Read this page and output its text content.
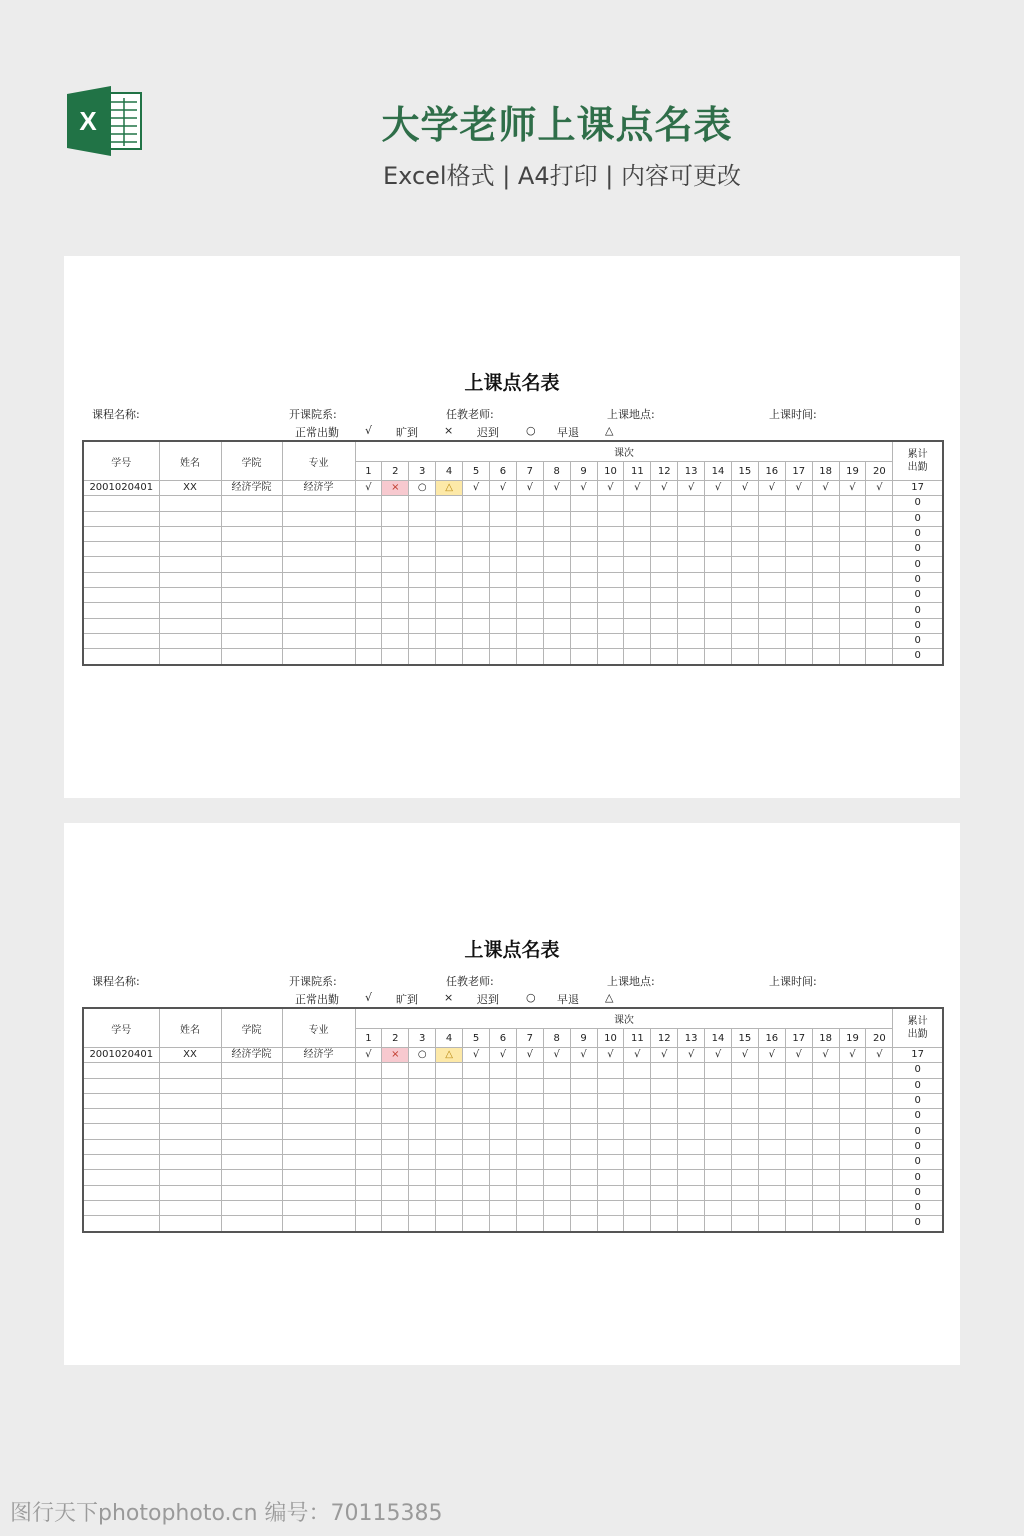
X	大学老师上课点名表
Excel格式 | A4打印 | 内容可更改
上课点名表
课程名称:	开课院系:	任教老师:	上课地点:	上课时间:
正常出勤 √ 旷到 × 迟到 ○ 早退 △
学号	姓名	学院	专业	课次																				累计
出勤
				1	2	3	4	5	6	7	8	9	10	11	12	13	14	15	16	17	18	19	20	
2001020401	XX	经济学院	经济学	√	×	○	△	√	√	√	√	√	√	√	√	√	√	√	√	√	√	√	√	17
																								0
																								0
																								0
																								0
																								0
																								0
																								0
																								0
																								0
																								0
																								0
上课点名表
课程名称:	开课院系:	任教老师:	上课地点:	上课时间:
正常出勤 √ 旷到 × 迟到 ○ 早退 △
学号	姓名	学院	专业	课次																				累计
出勤
				1	2	3	4	5	6	7	8	9	10	11	12	13	14	15	16	17	18	19	20	
2001020401	XX	经济学院	经济学	√	×	○	△	√	√	√	√	√	√	√	√	√	√	√	√	√	√	√	√	17
																								0
																								0
																								0
																								0
																								0
																								0
																								0
																								0
																								0
																								0
																								0
图行天下photophoto.cn 编号：70115385
